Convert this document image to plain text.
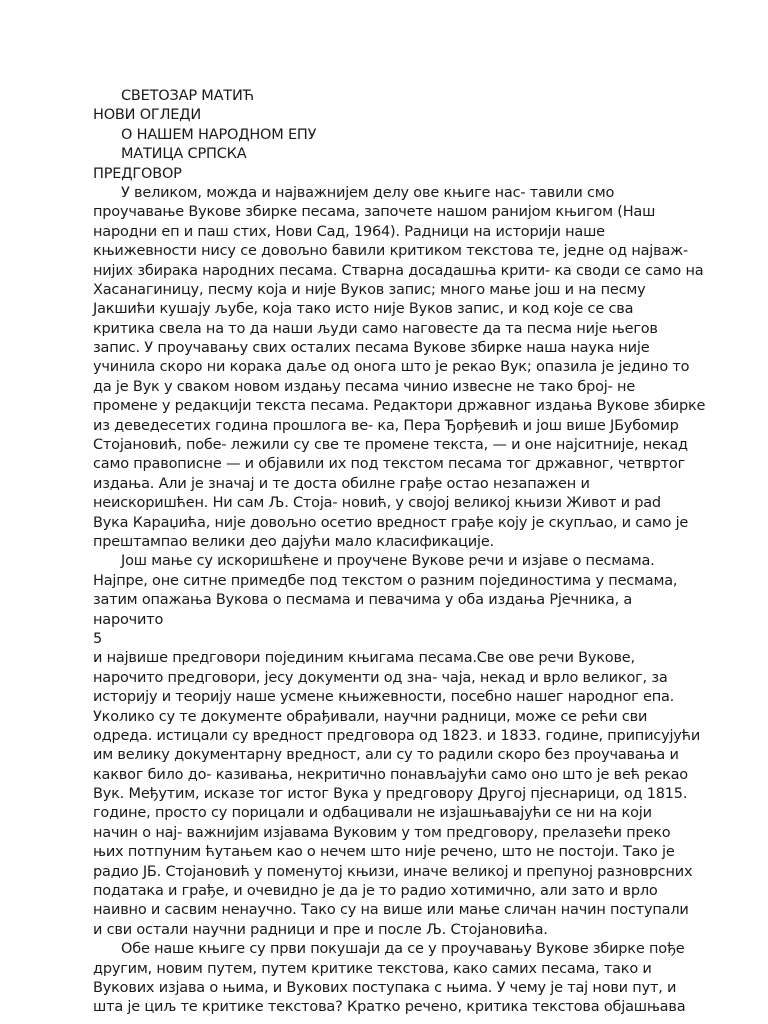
СВЕТОЗАР МАТИЋ
НОВИ ОГЛЕДИ
О НАШЕМ НАРОДНОМ ЕПУ
МАТИЦА СРПСКА
ПРЕДГОВОР
У великом, можда и најважнијем делу ове књиге нас- тавили смо
проучавање Вукове збирке песама, започете нашом ранијом књигом (Наш
народни еп и паш стих, Нови Сад, 1964). Радници на историји наше
књижевности нису се довољно бавили критиком текстова те, једне од најваж-
нијих збирака народних песама. Стварна досадашња крити- ка своди се само на
Хасанагиницу, песму која и није Вуков запис; много мање још и на песму
Јакшићи кушају љубе, која тако исто није Вуков запис, и код које се сва
критика свела на то да наши људи само наговесте да та песма није његов
запис. У проучавању свих осталих песама Вукове збирке наша наука није
учинила скоро ни корака даље од онога што је рекао Вук; опазила је једино то
да је Вук у сваком новом издању песама чинио извесне не тако број- не
промене у редакцији текста песама. Редактори државног издања Вукове збирке
из деведесетих година прошлога ве- ка, Пера Ђорђевић и још више ЈБубомир
Стојановић, побе- лежили су све те промене текста, — и оне најситније, некад
само правописне — и објавили их под текстом песама тог државног, четвртог
издања. Али је значај и те доста обилне грађе остао незапажен и
неискоришћен. Ни сам Љ. Стоја- новић, у својој великој књизи Живот и рad
Вука Караџића, није довољно осетио вредност грађе коју је скупљао, и само је
прештампао велики део дајући мало класификације.
Још мање су искоришћене и проучене Вукове речи и изјаве о песмама.
Најпре, оне ситне примедбе под текстом о разним појединостима у песмама,
затим опажања Вукова о песмама и певачима у оба издања Рјечника, а
нарочито
5
и највише предговори појединим књигама песама.Све ове речи Вукове,
нарочито предговори, јесу документи од зна- чаја, некад и врло великог, за
историју и теорију наше усмене књижевности, посебно нашег народног епа.
Уколико су те документе обрађивали, научни радници, може се рећи сви
одреда. истицали су вредност предговора од 1823. и 1833. године, приписујући
им велику документарну вредност, али су то радили скоро без проучавања и
каквог било до- казивања, некритично понављајући само оно што је већ рекао
Вук. Међутим, исказе тог истог Вука у предговору Другој пјеснарици, од 1815.
године, просто су порицали и одбацивали не изјашњавајући се ни на који
начин о нај- важнијим изјавама Вуковим у том предговору, прелазећи преко
њих потпуним ћутањем као о нечем што није речено, што не постоји. Тако је
радио ЈБ. Стојановић у поменутој књизи, иначе великој и препуној разноврсних
података и грађе, и очевидно је да је то радио хотимично, али зато и врло
наивно и сасвим ненаучно. Тако су на више или мање сличан начин поступали
и сви остали научни радници и пре и после Љ. Стојановића.
Обе наше књиге су први покушаји да се у проучавању Вукове збирке пође
другим, новим путем, путем критике текстова, како самих песама, тако и
Вукових изјава о њима, и Вукових поступака с њима. У чему је тај нови пут, и
шта је циљ те критике текстова? Кратко речено, критика текстова објашњава
